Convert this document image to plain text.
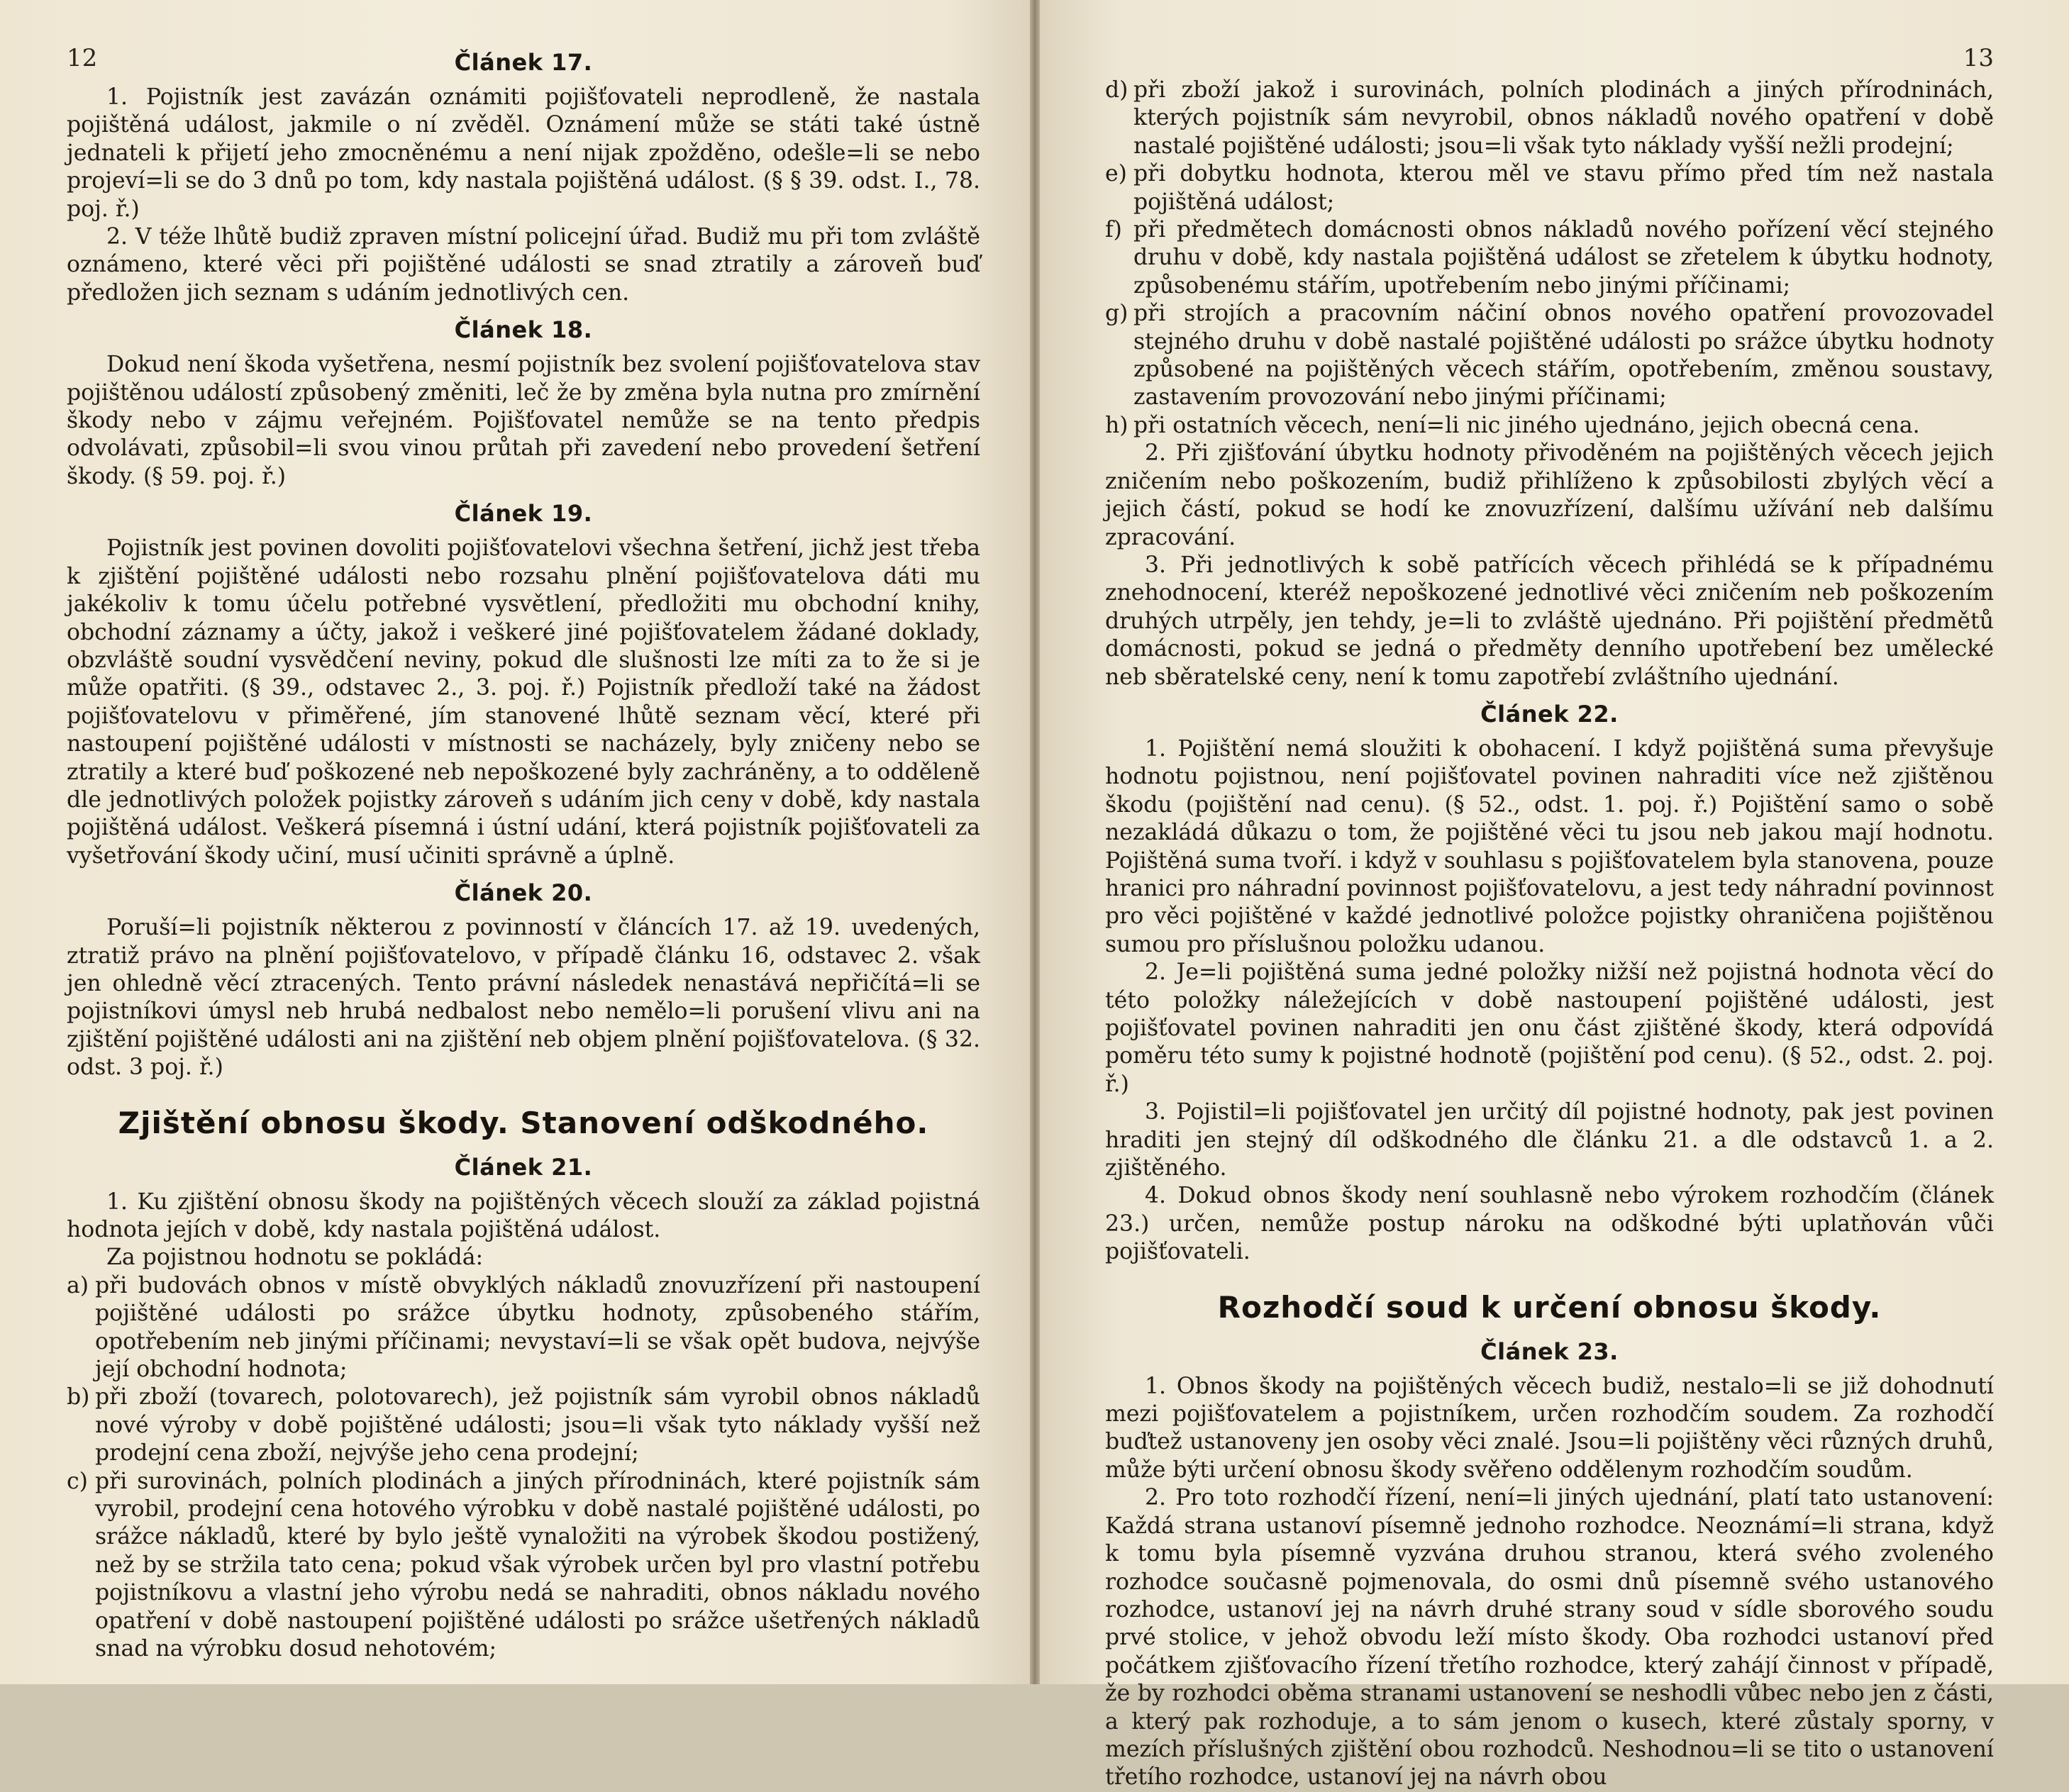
12	Článek 17.

1. Pojistník jest zavázán oznámiti pojišťovateli neprodleně, že nastala pojištěná událost, jakmile o ní zvěděl. Oznámení může se státi také ústně jednateli k přijetí jeho zmocněnému a není nijak zpožděno, odešle=li se nebo projeví=li se do 3 dnů po tom, kdy nastala pojištěná událost. (§ § 39. odst. I., 78. poj. ř.)

2. V téže lhůtě budiž zpraven místní policejní úřad. Budiž mu při tom zvláště oznámeno, které věci při pojištěné události se snad ztratily a zároveň buď předložen jich seznam s udáním jednotlivých cen.

Článek 18.

Dokud není škoda vyšetřena, nesmí pojistník bez svolení pojišťovatelova stav pojištěnou událostí způsobený změniti, leč že by změna byla nutna pro zmírnění škody nebo v zájmu veřejném. Pojišťovatel nemůže se na tento předpis odvolávati, způsobil=li svou vinou průtah při zavedení nebo provedení šetření škody. (§ 59. poj. ř.)

Článek 19.

Pojistník jest povinen dovoliti pojišťovatelovi všechna šetření, jichž jest třeba k zjištění pojištěné události nebo rozsahu plnění pojišťovatelova dáti mu jakékoliv k tomu účelu potřebné vysvětlení, předložiti mu obchodní knihy, obchodní záznamy a účty, jakož i veškeré jiné pojišťovatelem žádané doklady, obzvláště soudní vysvědčení neviny, pokud dle slušnosti lze míti za to že si je může opatřiti. (§ 39., odstavec 2., 3. poj. ř.) Pojistník předloží také na žádost pojišťovatelovu v přiměřené, jím stanovené lhůtě seznam věcí, které při nastoupení pojištěné události v místnosti se nacházely, byly zničeny nebo se ztratily a které buď poškozené neb nepoškozené byly zachráněny, a to odděleně dle jednotlivých položek pojistky zároveň s udáním jich ceny v době, kdy nastala pojištěná událost. Veškerá písemná i ústní udání, která pojistník pojišťovateli za vyšetřování škody učiní, musí učiniti správně a úplně.

Článek 20.

Poruší=li pojistník některou z povinností v článcích 17. až 19. uvedených, ztratiž právo na plnění pojišťovatelovo, v případě článku 16, odstavec 2. však jen ohledně věcí ztracených. Tento právní následek nenastává nepřičítá=li se pojistníkovi úmysl neb hrubá nedbalost nebo nemělo=li porušení vlivu ani na zjištění pojištěné události ani na zjištění neb objem plnění pojišťovatelova. (§ 32. odst. 3 poj. ř.)

Zjištění obnosu škody. Stanovení odškodného.
Článek 21.

1. Ku zjištění obnosu škody na pojištěných věcech slouží za základ pojistná hodnota jejích v době, kdy nastala pojištěná událost.

Za pojistnou hodnotu se pokládá:

a) při budovách obnos v místě obvyklých nákladů znovuzřízení při nastoupení pojištěné události po srážce úbytku hodnoty, způsobeného stářím, opotřebením neb jinými příčinami; nevystaví=li se však opět budova, nejvýše její obchodní hodnota;
b) při zboží (tovarech, polotovarech), jež pojistník sám vyrobil obnos nákladů nové výroby v době pojištěné události; jsou=li však tyto náklady vyšší než prodejní cena zboží, nejvýše jeho cena prodejní;
c) při surovinách, polních plodinách a jiných přírodninách, které pojistník sám vyrobil, prodejní cena hotového výrobku v době nastalé pojištěné události, po srážce nákladů, které by bylo ještě vynaložiti na výrobek škodou postižený, než by se stržila tato cena; pokud však výrobek určen byl pro vlastní potřebu pojistníkovu a vlastní jeho výrobu nedá se nahraditi, obnos nákladu nového opatření v době nastoupení pojištěné události po srážce ušetřených nákladů snad na výrobku dosud nehotovém;
13
d) při zboží jakož i surovinách, polních plodinách a jiných přírodninách, kterých pojistník sám nevyrobil, obnos nákladů nového opatření v době nastalé pojištěné události; jsou=li však tyto náklady vyšší nežli prodejní;
e) při dobytku hodnota, kterou měl ve stavu přímo před tím než nastala pojištěná událost;
f) při předmětech domácnosti obnos nákladů nového pořízení věcí stejného druhu v době, kdy nastala pojištěná událost se zřetelem k úbytku hodnoty, způsobenému stářím, upotřebením nebo jinými příčinami;
g) při strojích a pracovním náčiní obnos nového opatření provozovadel stejného druhu v době nastalé pojištěné události po srážce úbytku hodnoty způsobené na pojištěných věcech stářím, opotřebením, změnou soustavy, zastavením provozování nebo jinými příčinami;
h) při ostatních věcech, není=li nic jiného ujednáno, jejich obecná cena.

2. Při zjišťování úbytku hodnoty přivoděném na pojištěných věcech jejich zničením nebo poškozením, budiž přihlíženo k způsobilosti zbylých věcí a jejich částí, pokud se hodí ke znovuzřízení, dalšímu užívání neb dalšímu zpracování.

3. Při jednotlivých k sobě patřících věcech přihlédá se k případnému znehodnocení, kteréž nepoškozené jednotlivé věci zničením neb poškozením druhých utrpěly, jen tehdy, je=li to zvláště ujednáno. Při pojištění předmětů domácnosti, pokud se jedná o předměty denního upotřebení bez umělecké neb sběratelské ceny, není k tomu zapotřebí zvláštního ujednání.

Článek 22.

1. Pojištění nemá sloužiti k obohacení. I když pojištěná suma převyšuje hodnotu pojistnou, není pojišťovatel povinen nahraditi více než zjištěnou škodu (pojištění nad cenu). (§ 52., odst. 1. poj. ř.) Pojištění samo o sobě nezakládá důkazu o tom, že pojištěné věci tu jsou neb jakou mají hodnotu. Pojištěná suma tvoří. i když v souhlasu s pojišťovatelem byla stanovena, pouze hranici pro náhradní povinnost pojišťovatelovu, a jest tedy náhradní povinnost pro věci pojištěné v každé jednotlivé položce pojistky ohraničena pojištěnou sumou pro příslušnou položku udanou.

2. Je=li pojištěná suma jedné položky nižší než pojistná hodnota věcí do této položky náležejících v době nastoupení pojištěné události, jest pojišťovatel povinen nahraditi jen onu část zjištěné škody, která odpovídá poměru této sumy k pojistné hodnotě (pojištění pod cenu). (§ 52., odst. 2. poj. ř.)

3. Pojistil=li pojišťovatel jen určitý díl pojistné hodnoty, pak jest povinen hraditi jen stejný díl odškodného dle článku 21. a dle odstavců 1. a 2. zjištěného.

4. Dokud obnos škody není souhlasně nebo výrokem rozhodčím (článek 23.) určen, nemůže postup nároku na odškodné býti uplatňován vůči pojišťovateli.

Rozhodčí soud k určení obnosu škody.
Článek 23.

1. Obnos škody na pojištěných věcech budiž, nestalo=li se již dohodnutí mezi pojišťovatelem a pojistníkem, určen rozhodčím soudem. Za rozhodčí buďtež ustanoveny jen osoby věci znalé. Jsou=li pojištěny věci různých druhů, může býti určení obnosu škody svěřeno oddělenym rozhodčím soudům.

2. Pro toto rozhodčí řízení, není=li jiných ujednání, platí tato ustanovení: Každá strana ustanoví písemně jednoho rozhodce. Neoznámí=li strana, když k tomu byla písemně vyzvána druhou stranou, která svého zvoleného rozhodce současně pojmenovala, do osmi dnů písemně svého ustanového rozhodce, ustanoví jej na návrh druhé strany soud v sídle sborového soudu prvé stolice, v jehož obvodu leží místo škody. Oba rozhodci ustanoví před počátkem zjišťovacího řízení třetího rozhodce, který zahájí činnost v případě, že by rozhodci oběma stranami ustanovení se neshodli vůbec nebo jen z části, a který pak rozhoduje, a to sám jenom o kusech, které zůstaly sporny, v mezích příslušných zjištění obou rozhodců. Neshodnou=li se tito o ustanovení třetího rozhodce, ustanoví jej na návrh obou
